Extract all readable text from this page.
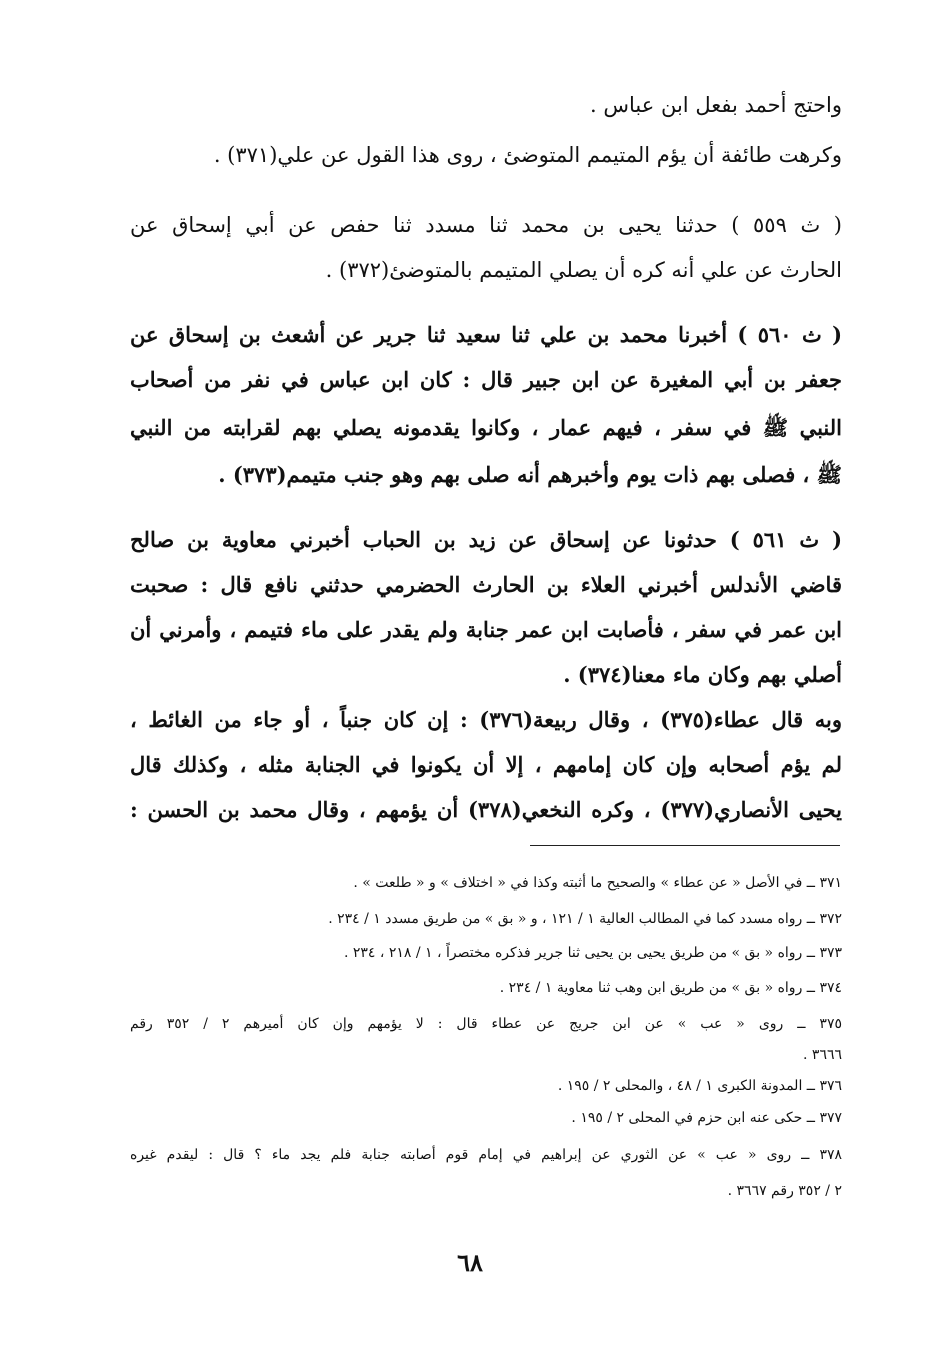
واحتج أحمد بفعل ابن عباس .
وكرهت طائفة أن يؤم المتيمم المتوضئ ، روى هذا القول عن علي(٣٧١) .
( ث ٥٥٩ ) حدثنا يحيى بن محمد ثنا مسدد ثنا حفص عن أبي إسحاق عن
الحارث عن علي أنه كره أن يصلي المتيمم بالمتوضئ(٣٧٢) .
( ث ٥٦٠ ) أخبرنا محمد بن علي ثنا سعيد ثنا جرير عن أشعث بن إسحاق عن
جعفر بن أبي المغيرة عن ابن جبير قال : كان ابن عباس في نفر من أصحاب
النبي ﷺ في سفر ، فيهم عمار ، وكانوا يقدمونه يصلي بهم لقرابته من النبي
ﷺ ، فصلى بهم ذات يوم وأخبرهم أنه صلى بهم وهو جنب متيمم(٣٧٣) .
( ث ٥٦١ ) حدثونا عن إسحاق عن زيد بن الحباب أخبرني معاوية بن صالح
قاضي الأندلس أخبرني العلاء بن الحارث الحضرمي حدثني نافع قال : صحبت
ابن عمر في سفر ، فأصابت ابن عمر جنابة ولم يقدر على ماء فتيمم ، وأمرني أن
أصلي بهم وكان ماء معنا(٣٧٤) .
وبه قال عطاء(٣٧٥) ، وقال ربيعة(٣٧٦) : إن كان جنباً ، أو جاء من الغائط ،
لم يؤم أصحابه وإن كان إمامهم ، إلا أن يكونوا في الجنابة مثله ، وكذلك قال
يحيى الأنصاري(٣٧٧) ، وكره النخعي(٣٧٨) أن يؤمهم ، وقال محمد بن الحسن :
٣٧١ ــ في الأصل « عن عطاء » والصحيح ما أثبته وكذا في « اختلاف » و « طلعت » .
٣٧٢ ــ رواه مسدد كما في المطالب العالية ١ / ١٢١ ، و « بق » من طريق مسدد ١ / ٢٣٤ .
٣٧٣ ــ رواه « بق » من طريق يحيى بن يحيى ثنا جرير فذكره مختصراً ، ١ / ٢١٨ ، ٢٣٤ .
٣٧٤ ــ رواه « بق » من طريق ابن وهب ثنا معاوية ١ / ٢٣٤ .
٣٧٥ ــ روى « عب » عن ابن جريج عن عطاء قال : لا يؤمهم وإن كان أميرهم ٢ / ٣٥٢ رقم
٣٦٦٦ .
٣٧٦ ــ المدونة الكبرى ١ / ٤٨ ، والمحلى ٢ / ١٩٥ .
٣٧٧ ــ حكى عنه ابن حزم في المحلى ٢ / ١٩٥ .
٣٧٨ ــ روى « عب » عن الثوري عن إبراهيم في إمام قوم أصابته جنابة فلم يجد ماء ؟ قال : ليقدم غيره
٢ / ٣٥٢ رقم ٣٦٦٧ .
٦٨
